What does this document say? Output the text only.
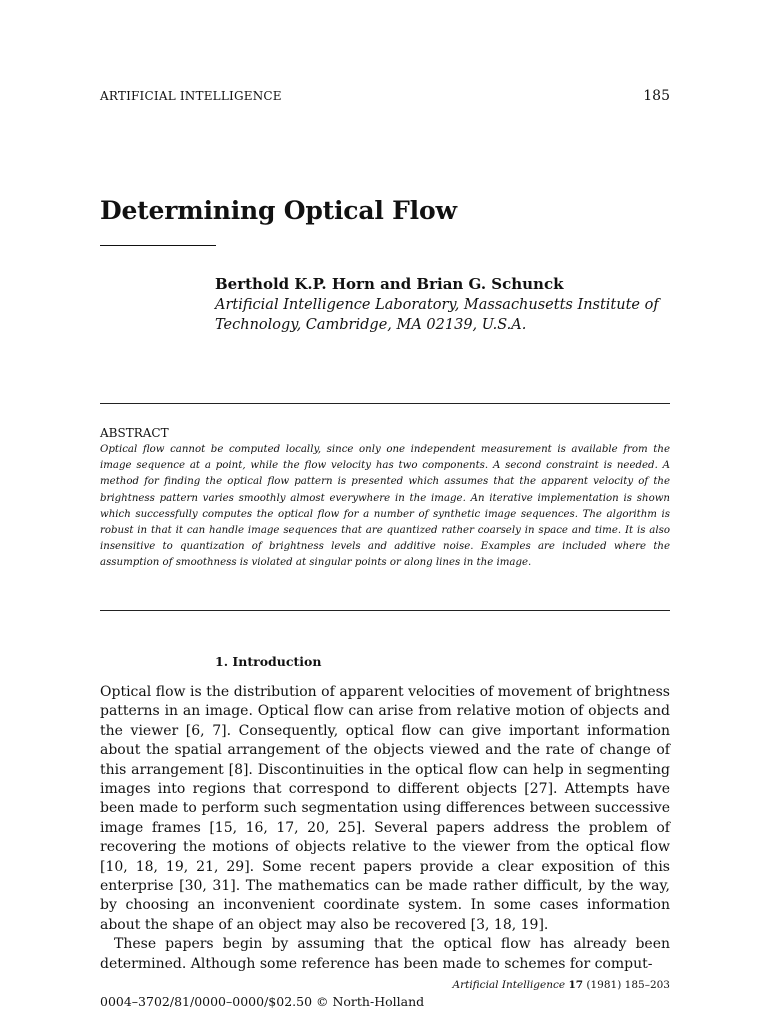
ARTIFICIAL INTELLIGENCE	185
Determining Optical Flow
Berthold K.P. Horn and Brian G. Schunck
Artificial Intelligence Laboratory, Massachusetts Institute of Technology, Cambridge, MA 02139, U.S.A.
ABSTRACT

Optical flow cannot be computed locally, since only one independent measurement is available from the image sequence at a point, while the flow velocity has two components. A second constraint is needed. A method for finding the optical flow pattern is presented which assumes that the apparent velocity of the brightness pattern varies smoothly almost everywhere in the image. An iterative implementation is shown which successfully computes the optical flow for a number of synthetic image sequences. The algorithm is robust in that it can handle image sequences that are quantized rather coarsely in space and time. It is also insensitive to quantization of brightness levels and additive noise. Examples are included where the assumption of smoothness is violated at singular points or along lines in the image.

1. Introduction

Optical flow is the distribution of apparent velocities of movement of brightness patterns in an image. Optical flow can arise from relative motion of objects and the viewer [6, 7]. Consequently, optical flow can give important information about the spatial arrangement of the objects viewed and the rate of change of this arrangement [8]. Discontinuities in the optical flow can help in segmenting images into regions that correspond to different objects [27]. Attempts have been made to perform such segmentation using differences between successive image frames [15, 16, 17, 20, 25]. Several papers address the problem of recovering the motions of objects relative to the viewer from the optical flow [10, 18, 19, 21, 29]. Some recent papers provide a clear exposition of this enterprise [30, 31]. The mathematics can be made rather difficult, by the way, by choosing an inconvenient coordinate system. In some cases information about the shape of an object may also be recovered [3, 18, 19].

These papers begin by assuming that the optical flow has already been determined. Although some reference has been made to schemes for comput-

Artificial Intelligence 17 (1981) 185–203
0004–3702/81/0000–0000/$02.50 © North-Holland
